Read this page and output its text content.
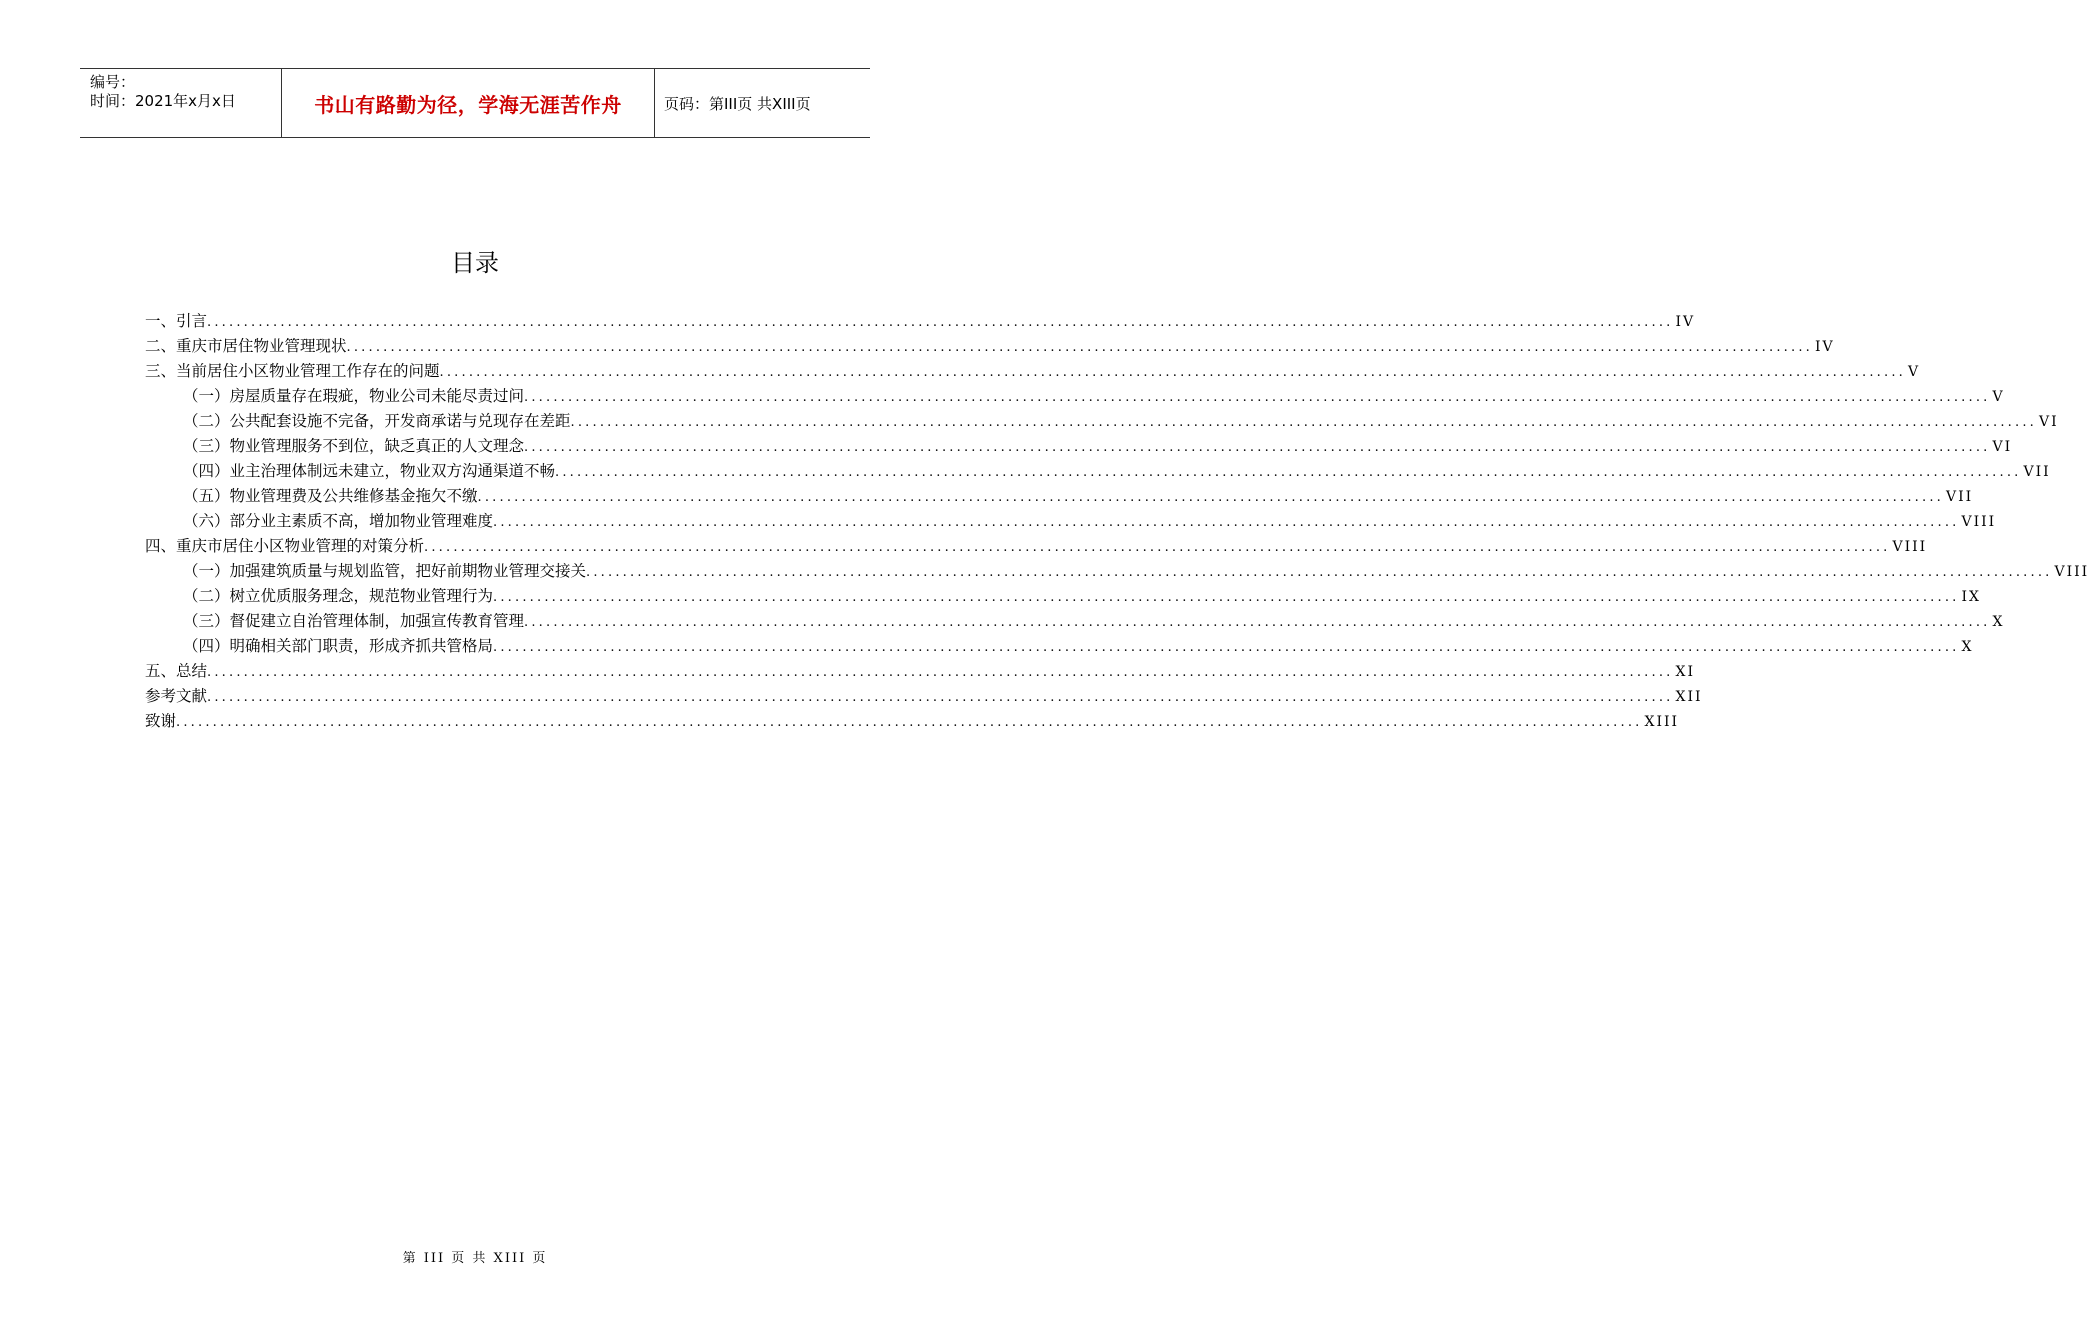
编号：
时间：2021年x月x日	书山有路勤为径，学海无涯苦作舟	页码：第III页 共XIII页
目录
一、引言 ........................................................................................................................................................................................................ IV
二、重庆市居住物业管理现状 ........................................................................................................................................................................................................ IV
三、当前居住小区物业管理工作存在的问题 ........................................................................................................................................................................................................ V
（一）房屋质量存在瑕疵，物业公司未能尽责过问 ........................................................................................................................................................................................................ V
（二）公共配套设施不完备，开发商承诺与兑现存在差距 ........................................................................................................................................................................................................ VI
（三）物业管理服务不到位，缺乏真正的人文理念 ........................................................................................................................................................................................................ VI
（四）业主治理体制远未建立，物业双方沟通渠道不畅 ........................................................................................................................................................................................................ VII
（五）物业管理费及公共维修基金拖欠不缴 ........................................................................................................................................................................................................ VII
（六）部分业主素质不高，增加物业管理难度 ........................................................................................................................................................................................................ VIII
四、重庆市居住小区物业管理的对策分析 ........................................................................................................................................................................................................ VIII
（一）加强建筑质量与规划监管，把好前期物业管理交接关 ........................................................................................................................................................................................................ VIII
（二）树立优质服务理念，规范物业管理行为 ........................................................................................................................................................................................................ IX
（三）督促建立自治管理体制，加强宣传教育管理 ........................................................................................................................................................................................................ X
（四）明确相关部门职责，形成齐抓共管格局 ........................................................................................................................................................................................................ X
五、总结 ........................................................................................................................................................................................................ XI
参考文献 ........................................................................................................................................................................................................ XII
致谢 ........................................................................................................................................................................................................ XIII
第 III 页 共 XIII 页
